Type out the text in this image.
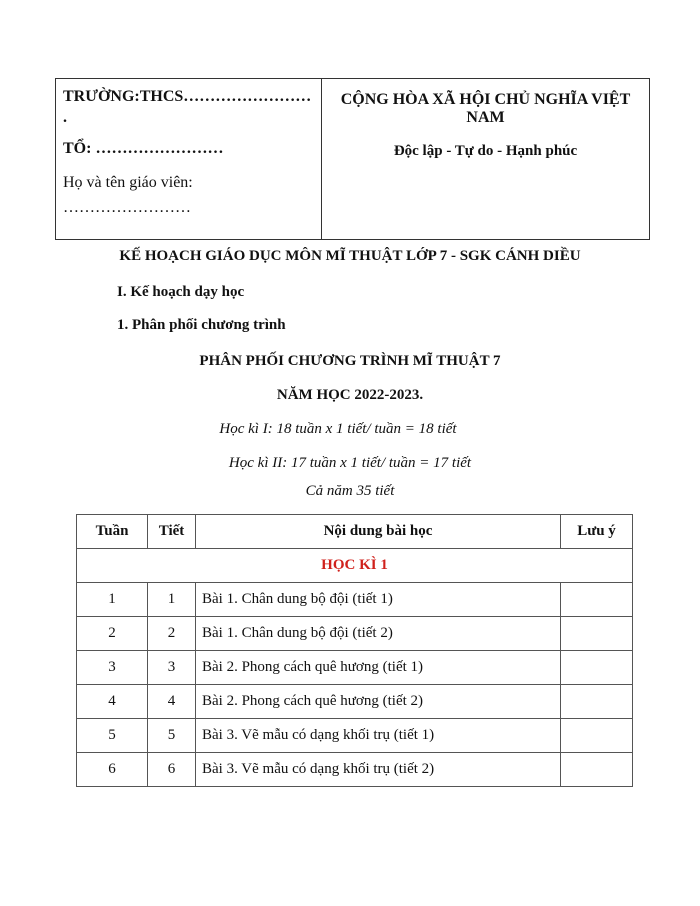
TRƯỜNG:THCS……………………
.
TỔ: ……………………
Họ và tên giáo viên:
……………………
CỘNG HÒA XÃ HỘI CHỦ NGHĨA VIỆT NAM
Độc lập - Tự do - Hạnh phúc
KẾ HOẠCH GIÁO DỤC MÔN MĨ THUẬT LỚP 7 - SGK CÁNH DIỀU
I. Kế hoạch dạy học
1. Phân phối chương trình
PHÂN PHỐI CHƯƠNG TRÌNH MĨ THUẬT 7
NĂM HỌC 2022-2023.
Học kì I: 18 tuần x 1 tiết/ tuần = 18 tiết
Học kì II: 17 tuần x 1 tiết/ tuần = 17 tiết
Cả năm 35 tiết
Tuần	Tiết	Nội dung bài học	Lưu ý
HỌC KÌ 1			
1	1	Bài 1. Chân dung bộ đội (tiết 1)	
2	2	Bài 1. Chân dung bộ đội (tiết 2)	
3	3	Bài 2. Phong cách quê hương (tiết 1)	
4	4	Bài 2. Phong cách quê hương (tiết 2)	
5	5	Bài 3. Vẽ mẫu có dạng khối trụ (tiết 1)	
6	6	Bài 3. Vẽ mẫu có dạng khối trụ (tiết 2)	
